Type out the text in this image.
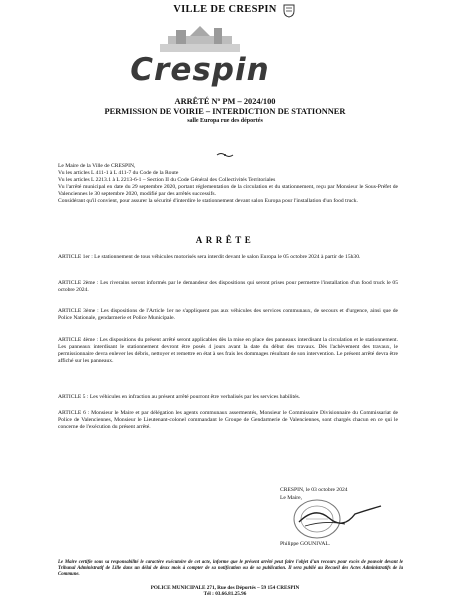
VILLE DE CRESPIN
Crespin
ARRÊTÉ Nº PM – 2024/100
PERMISSION DE VOIRIE – INTERDICTION DE STATIONNER
salle Europa rue des déportés

Le Maire de la Ville de CRESPIN,

Vu les articles L 411-1 à L 411-7 du Code de la Route

Vu les articles L 2213.1 à L 2213-6-1 – Section II du Code Général des Collectivités Territoriales

Vu l'arrêté municipal en date du 29 septembre 2020, portant réglementation de la circulation et du stationnement, reçu par Monsieur le Sous-Préfet de Valenciennes le 30 septembre 2020, modifié par des arrêtés successifs.

Considérant qu'il convient, pour assurer la sécurité d'interdire le stationnement devant salon Europa pour l'installation d'un food truck.

ARRÊTE
ARTICLE 1er : Le stationnement de tous véhicules motorisés sera interdit devant le salon Europa le 05 octobre 2024 à partir de 15h30.
ARTICLE 2ème : Les riverains seront informés par le demandeur des dispositions qui seront prises pour permettre l'installation d'un food truck le 05 octobre 2024.
ARTICLE 3ème : Les dispositions de l'Article 1er ne s'appliquent pas aux véhicules des services communaux, de secours et d'urgence, ainsi que de Police Nationale, gendarmerie et Police Municipale.
ARTICLE 4ème : Les dispositions du présent arrêté seront applicables dès la mise en place des panneaux interdisant la circulation et le stationnement. Les panneaux interdisant le stationnement devront être posés 4 jours avant la date du début des travaux. Dès l'achèvement des travaux, le permissionnaire devra enlever les débris, nettoyer et remettre en état à ses frais les dommages résultant de son intervention. Le présent arrêté devra être affiché sur les panneaux.
ARTICLE 5 : Les véhicules en infraction au présent arrêté pourront être verbalisés par les services habilités.
ARTICLE 6 : Monsieur le Maire et par délégation les agents communaux assermentés, Monsieur le Commissaire Divisionnaire du Commissariat de Police de Valenciennes, Monsieur le Lieutenant-colonel commandant le Groupe de Gendarmerie de Valenciennes, sont chargés chacun en ce qui le concerne de l'exécution du présent arrêté.
CRESPIN, le 03 octobre 2024
Le Maire,
Philippe GOUNIVAL.
Le Maire certifie sous sa responsabilité le caractère exécutoire de cet acte, informe que le présent arrêté peut faire l'objet d'un recours pour excès de pouvoir devant le Tribunal Administratif de Lille dans un délai de deux mois à compter de sa notification ou de sa publication. Il sera publié au Recueil des Actes Administratifs de la Commune.
POLICE MUNICIPALE 271, Rue des Déportés – 59 154 CRESPIN
Tél : 03.66.81.25.96
